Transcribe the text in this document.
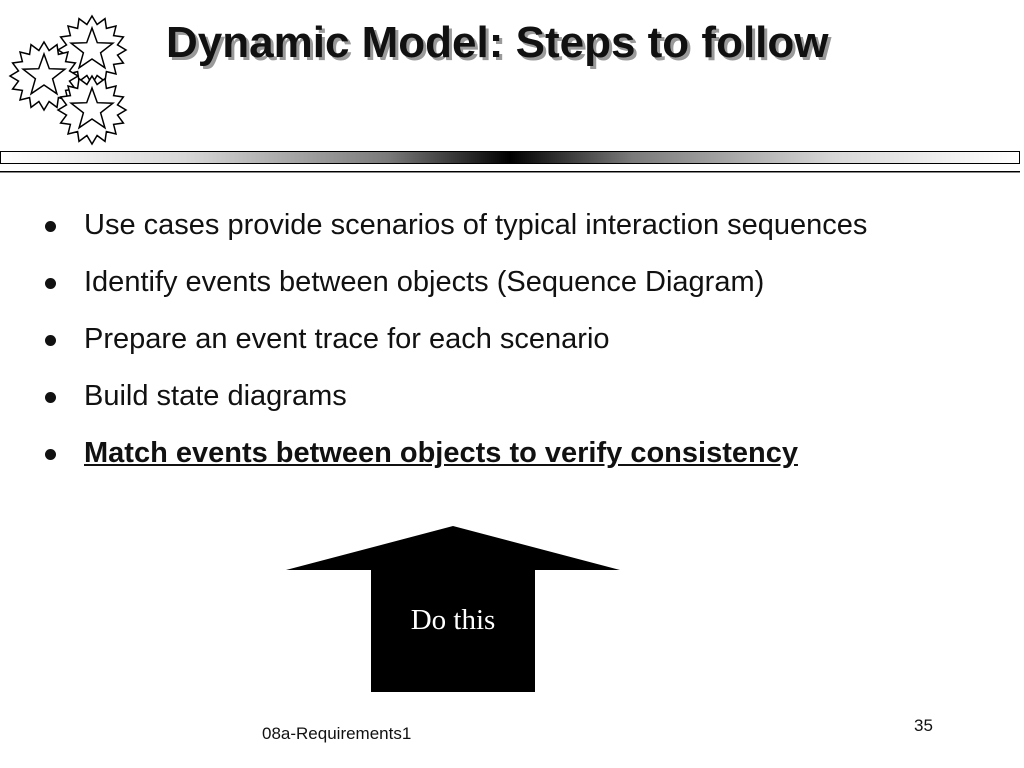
Dynamic Model: Steps to follow
Use cases provide scenarios of typical interaction sequences
Identify events between objects (Sequence Diagram)
Prepare an event trace for each scenario
Build state diagrams
Match events between objects to verify consistency
Do this
08a-Requirements1	35
